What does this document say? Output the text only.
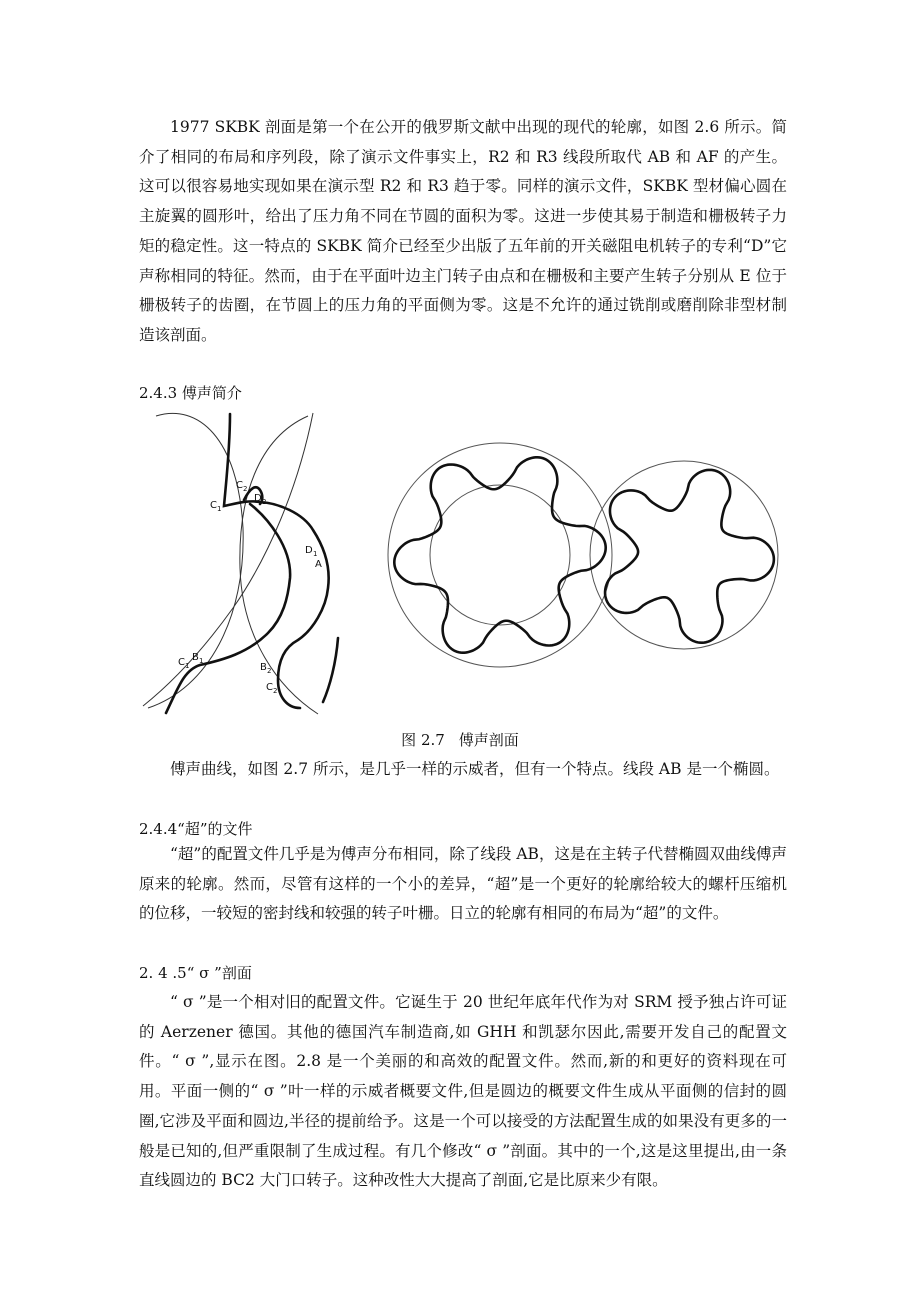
1977 SKBK 剖面是第一个在公开的俄罗斯文献中出现的现代的轮廓，如图 2.6 所示。简介了相同的布局和序列段，除了演示文件事实上，R2 和 R3 线段所取代 AB 和 AF 的产生。这可以很容易地实现如果在演示型 R2 和 R3 趋于零。同样的演示文件，SKBK 型材偏心圆在主旋翼的圆形叶，给出了压力角不同在节圆的面积为零。这进一步使其易于制造和栅极转子力矩的稳定性。这一特点的 SKBK 简介已经至少出版了五年前的开关磁阻电机转子的专利“D”它声称相同的特征。然而，由于在平面叶边主门转子由点和在栅极和主要产生转子分别从 E 位于栅极转子的齿圈，在节圆上的压力角的平面侧为零。这是不允许的通过铣削或磨削除非型材制造该剖面。

2.4.3 傅声简介

C 1
C 2
D 2
D 1
A
C 1
B 1
B 2
C 2

图 2.7 傅声剖面

傅声曲线，如图 2.7 所示，是几乎一样的示威者，但有一个特点。线段 AB 是一个椭圆。

2.4.4“超”的文件

“超”的配置文件几乎是为傅声分布相同，除了线段 AB，这是在主转子代替椭圆双曲线傅声原来的轮廓。然而，尽管有这样的一个小的差异，“超”是一个更好的轮廓给较大的螺杆压缩机的位移，一较短的密封线和较强的转子叶栅。日立的轮廓有相同的布局为“超”的文件。

2. 4 .5“ σ ”剖面

“ σ ”是一个相对旧的配置文件。它诞生于 20 世纪年底年代作为对 SRM 授予独占许可证的 Aerzener 德国。其他的德国汽车制造商,如 GHH 和凯瑟尔因此,需要开发自己的配置文件。“ σ ”,显示在图。2.8 是一个美丽的和高效的配置文件。然而,新的和更好的资料现在可用。平面一侧的“ σ ”叶一样的示威者概要文件,但是圆边的概要文件生成从平面侧的信封的圆圈,它涉及平面和圆边,半径的提前给予。这是一个可以接受的方法配置生成的如果没有更多的一般是已知的,但严重限制了生成过程。有几个修改“ σ ”剖面。其中的一个,这是这里提出,由一条直线圆边的 BC2 大门口转子。这种改性大大提高了剖面,它是比原来少有限。
